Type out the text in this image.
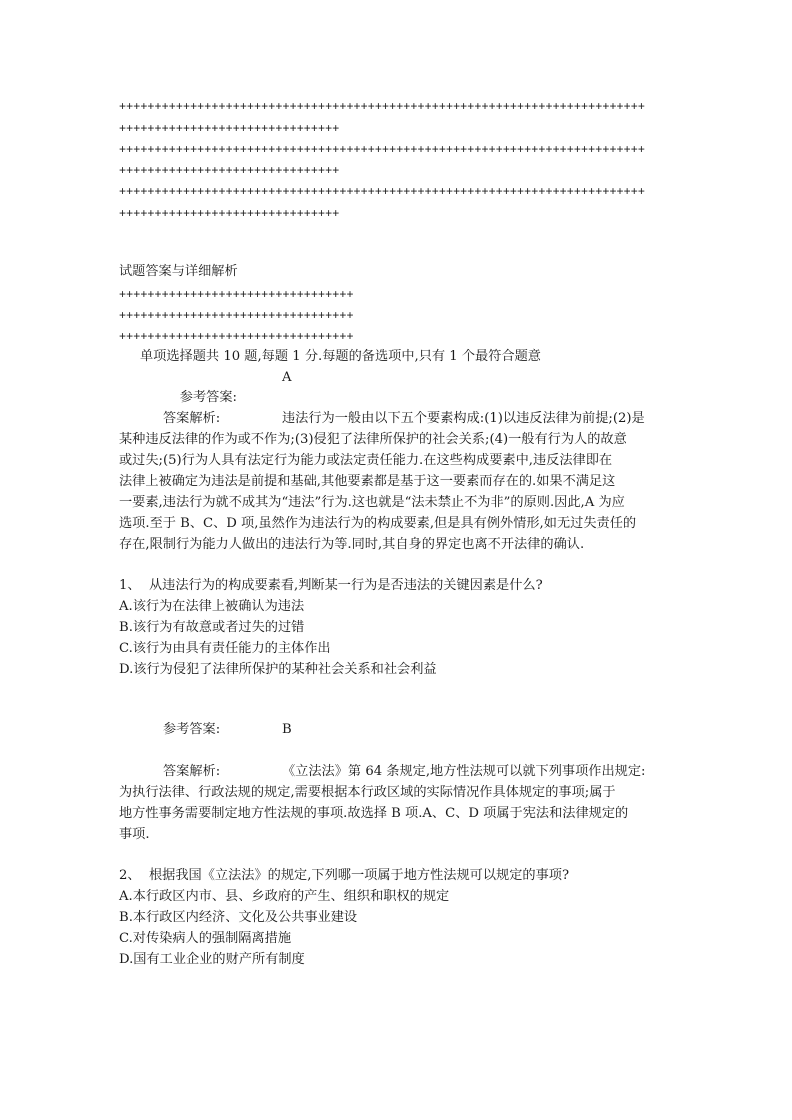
++++++++++++++++++++++++++++++++++++++++++++++++++++++++++++++++++++++++++
+++++++++++++++++++++++++++++++
++++++++++++++++++++++++++++++++++++++++++++++++++++++++++++++++++++++++++
+++++++++++++++++++++++++++++++
++++++++++++++++++++++++++++++++++++++++++++++++++++++++++++++++++++++++++
+++++++++++++++++++++++++++++++
试题答案与详细解析
+++++++++++++++++++++++++++++++++
+++++++++++++++++++++++++++++++++
+++++++++++++++++++++++++++++++++
单项选择题共 10 题,每题 1 分.每题的备选项中,只有 1 个最符合题意

参考答案:

A
答案解析:	违法行为一般由以下五个要素构成:(1)以违反法律为前提;(2)是
某种违反法律的作为或不作为;(3)侵犯了法律所保护的社会关系;(4)一般有行为人的故意
或过失;(5)行为人具有法定行为能力或法定责任能力.在这些构成要素中,违反法律即在
法律上被确定为违法是前提和基础,其他要素都是基于这一要素而存在的.如果不满足这
一要素,违法行为就不成其为“违法”行为.这也就是“法未禁止不为非”的原则.因此,A 为应
选项.至于 B、C、D 项,虽然作为违法行为的构成要素,但是具有例外情形,如无过失责任的
存在,限制行为能力人做出的违法行为等.同时,其自身的界定也离不开法律的确认.
1、  从违法行为的构成要素看,判断某一行为是否违法的关键因素是什么?
A.该行为在法律上被确认为违法
B.该行为有故意或者过失的过错
C.该行为由具有责任能力的主体作出
D.该行为侵犯了法律所保护的某种社会关系和社会利益
参考答案:	B
答案解析:	《立法法》第 64 条规定,地方性法规可以就下列事项作出规定:
为执行法律、行政法规的规定,需要根据本行政区域的实际情况作具体规定的事项;属于
地方性事务需要制定地方性法规的事项.故选择 B 项.A、C、D 项属于宪法和法律规定的
事项.
2、  根据我国《立法法》的规定,下列哪一项属于地方性法规可以规定的事项?
A.本行政区内市、县、乡政府的产生、组织和职权的规定
B.本行政区内经济、文化及公共事业建设
C.对传染病人的强制隔离措施
D.国有工业企业的财产所有制度
